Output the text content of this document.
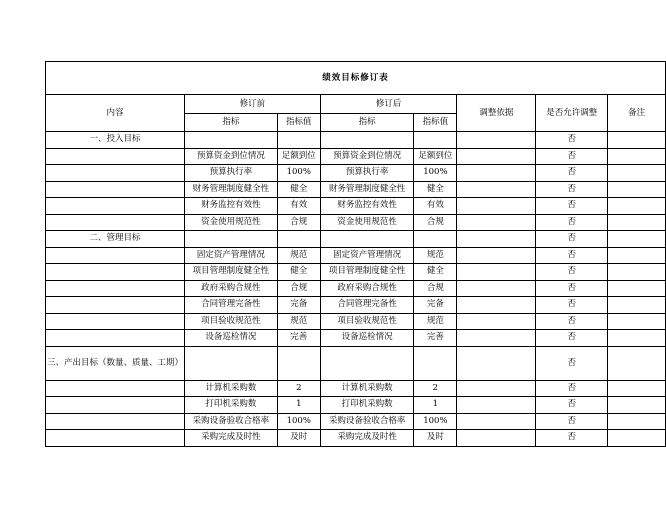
绩效目标修订表							
内容	修订前		修订后		调整依据	是否允许调整	备注
	指标	指标值	指标	指标值			
一、投入目标						否	
	预算资金到位情况	足额到位	预算资金到位情况	足额到位		否	
	预算执行率	100%	预算执行率	100%		否	
	财务管理制度健全性	健全	财务管理制度健全性	健全		否	
	财务监控有效性	有效	财务监控有效性	有效		否	
	资金使用规范性	合规	资金使用规范性	合规		否	
二、管理目标						否	
	固定资产管理情况	规范	固定资产管理情况	规范		否	
	项目管理制度健全性	健全	项目管理制度健全性	健全		否	
	政府采购合规性	合规	政府采购合规性	合规		否	
	合同管理完备性	完备	合同管理完备性	完备		否	
	项目验收规范性	规范	项目验收规范性	规范		否	
	设备巡检情况	完善	设备巡检情况	完善		否	
三、产出目标（数量、质量、工期）						否	
	计算机采购数	2	计算机采购数	2		否	
	打印机采购数	1	打印机采购数	1		否	
	采购设备验收合格率	100%	采购设备验收合格率	100%		否	
	采购完成及时性	及时	采购完成及时性	及时		否	
